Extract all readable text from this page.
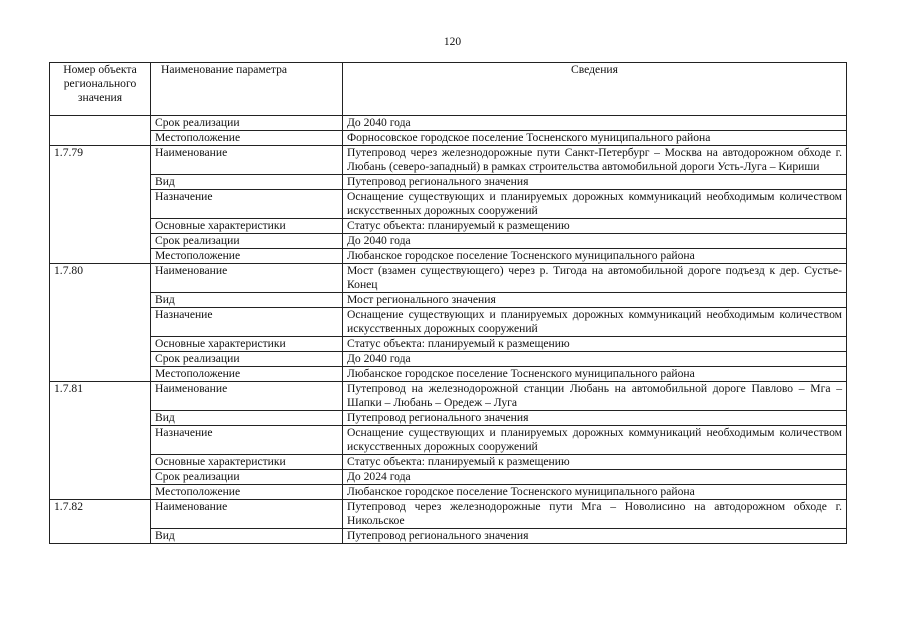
120
Номер объекта регионального значения	Наименование параметра	Сведения
	Срок реализации	До 2040 года
	Местоположение	Форносовское городское поселение Тосненского муниципального района
1.7.79	Наименование	Путепровод через железнодорожные пути Санкт-Петербург – Москва на автодорожном обходе г. Любань (северо-западный) в рамках строительства автомобильной дороги Усть-Луга – Кириши
	Вид	Путепровод регионального значения
	Назначение	Оснащение существующих и планируемых дорожных коммуникаций необходимым количеством искусственных дорожных сооружений
	Основные характеристики	Статус объекта: планируемый к размещению
	Срок реализации	До 2040 года
	Местоположение	Любанское городское поселение Тосненского муниципального района
1.7.80	Наименование	Мост (взамен существующего) через р. Тигода на автомобильной дороге подъезд к дер. Сустье-Конец
	Вид	Мост регионального значения
	Назначение	Оснащение существующих и планируемых дорожных коммуникаций необходимым количеством искусственных дорожных сооружений
	Основные характеристики	Статус объекта: планируемый к размещению
	Срок реализации	До 2040 года
	Местоположение	Любанское городское поселение Тосненского муниципального района
1.7.81	Наименование	Путепровод на железнодорожной станции Любань на автомобильной дороге Павлово – Мга – Шапки – Любань – Оредеж – Луга
	Вид	Путепровод регионального значения
	Назначение	Оснащение существующих и планируемых дорожных коммуникаций необходимым количеством искусственных дорожных сооружений
	Основные характеристики	Статус объекта: планируемый к размещению
	Срок реализации	До 2024 года
	Местоположение	Любанское городское поселение Тосненского муниципального района
1.7.82	Наименование	Путепровод через железнодорожные пути Мга – Новолисино на автодорожном обходе г. Никольское
	Вид	Путепровод регионального значения
